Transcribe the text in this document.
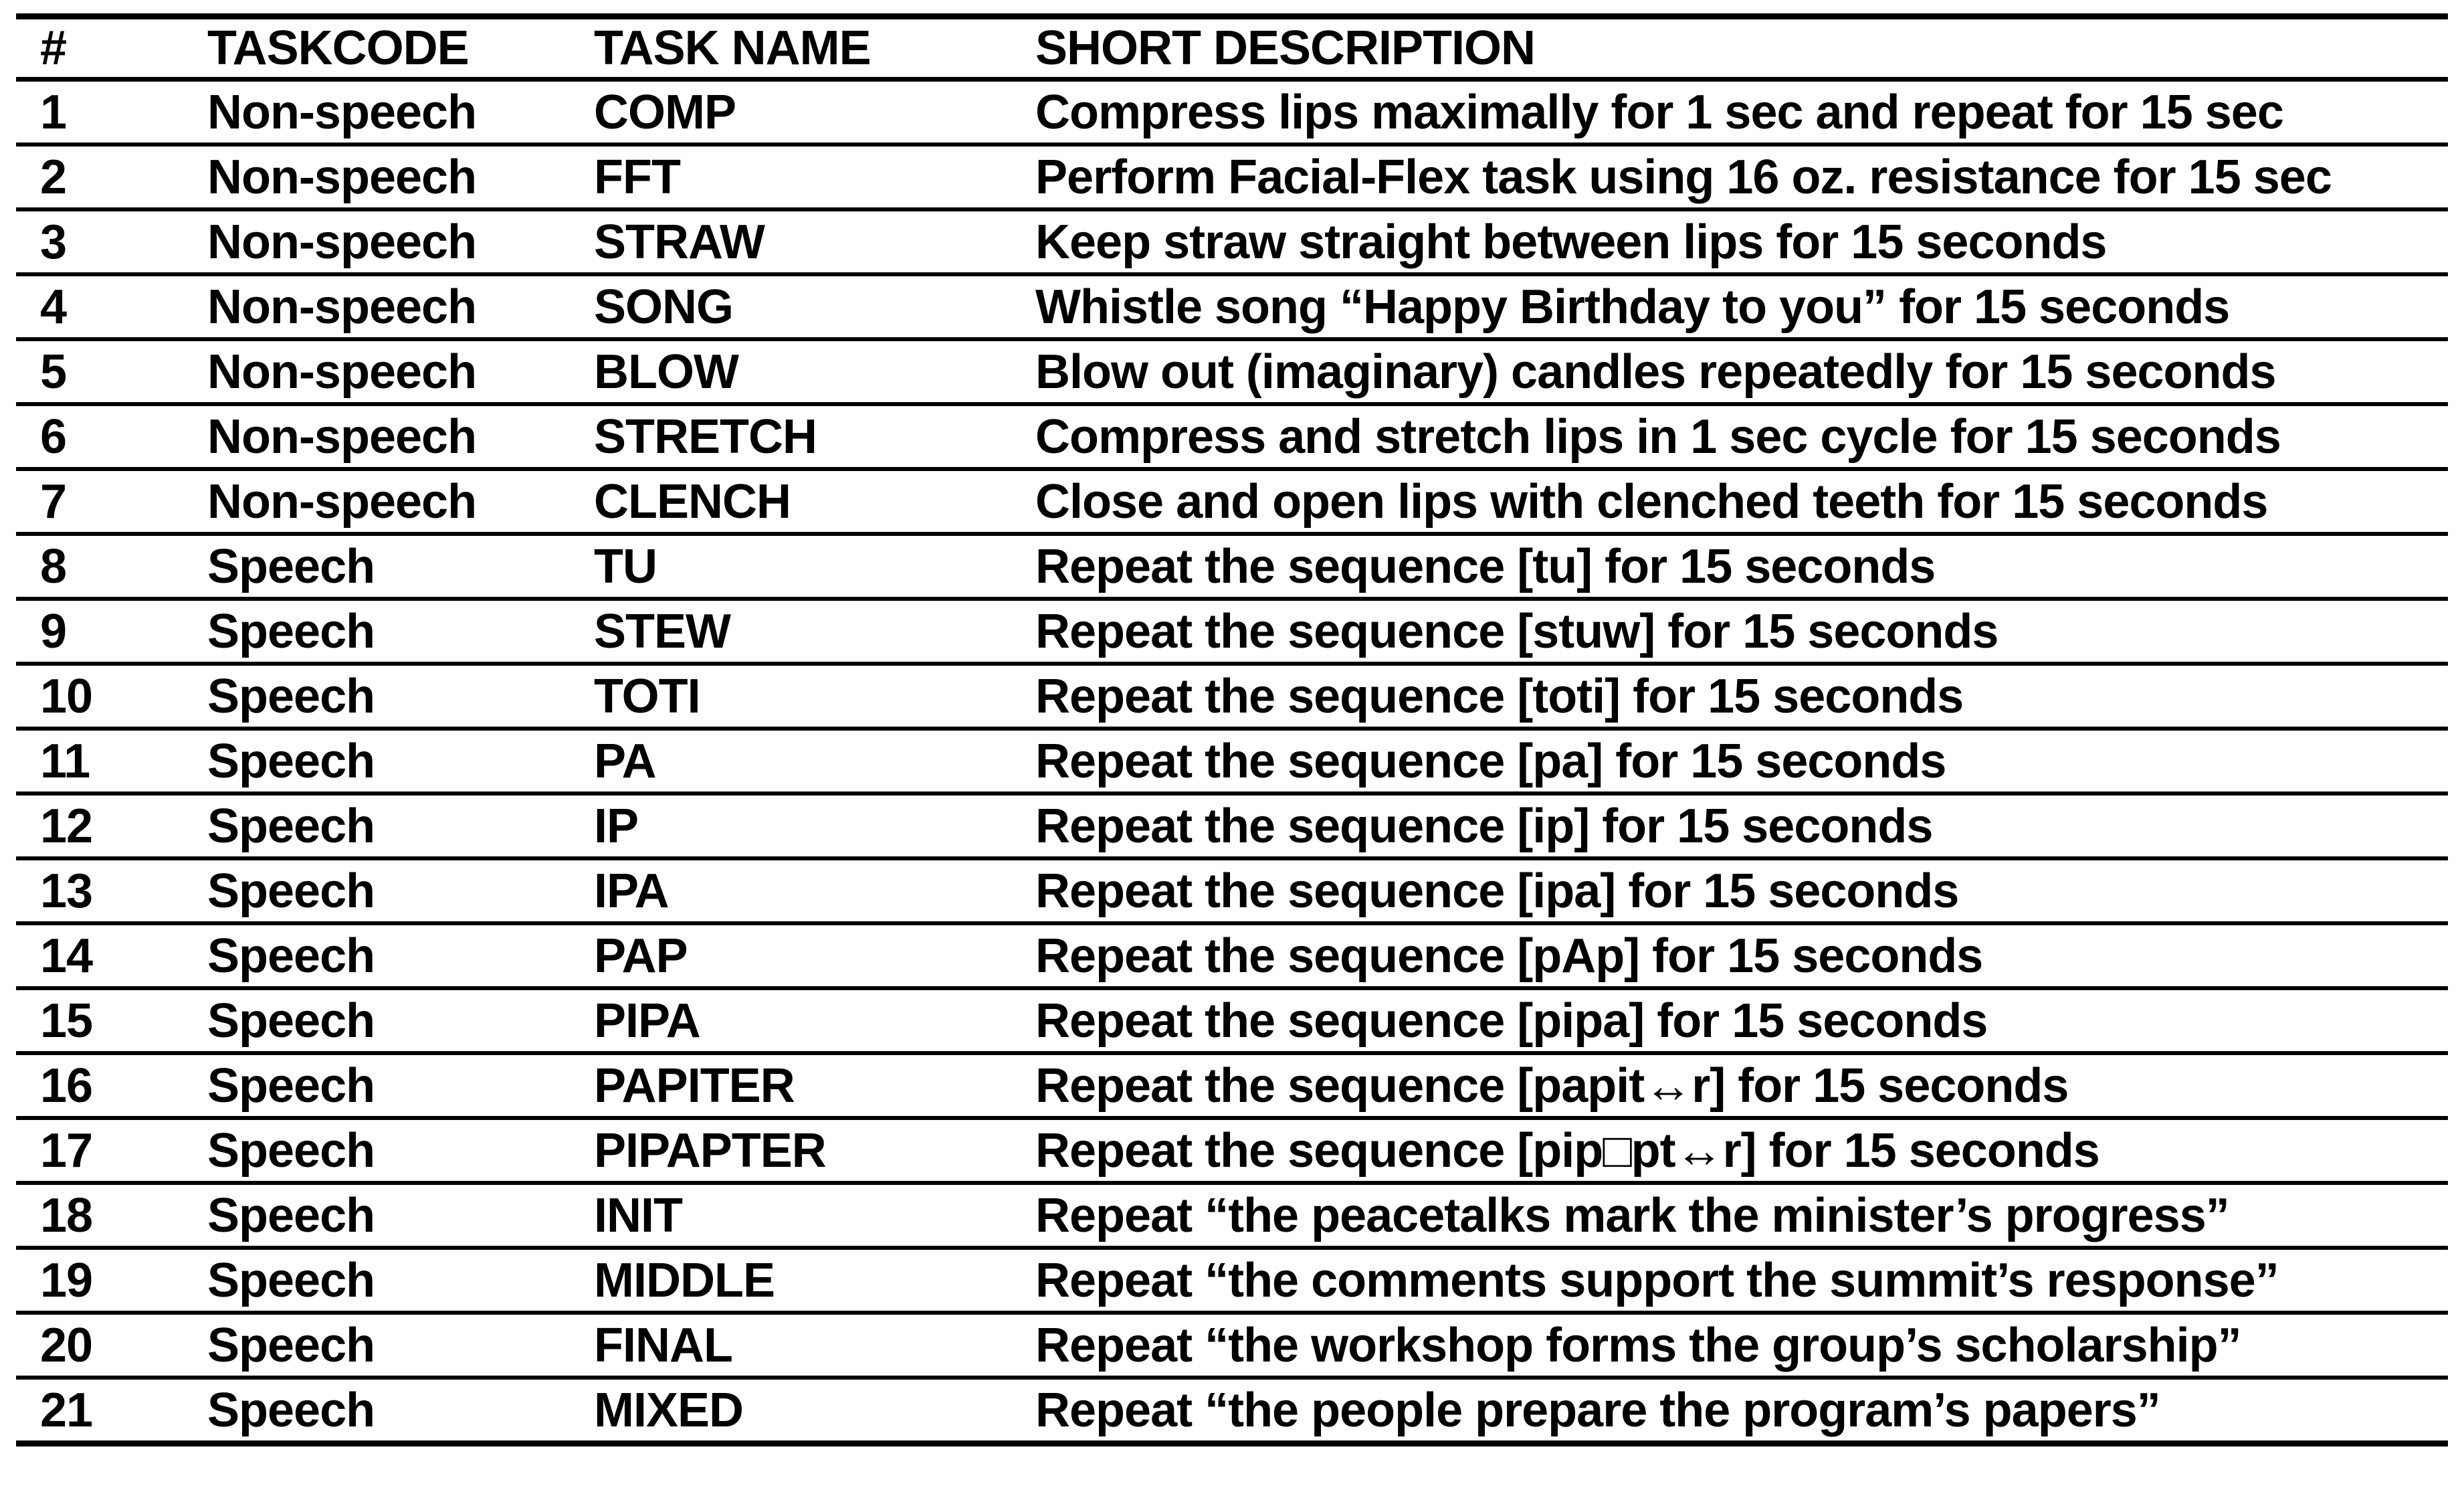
#	TASKCODE	TASK NAME	SHORT DESCRIPTION
1	Non-speech	COMP	Compress lips maximally for 1 sec and repeat for 15 sec
2	Non-speech	FFT	Perform Facial-Flex task using 16 oz. resistance for 15 sec
3	Non-speech	STRAW	Keep straw straight between lips for 15 seconds
4	Non-speech	SONG	Whistle song “Happy Birthday to you” for 15 seconds
5	Non-speech	BLOW	Blow out (imaginary) candles repeatedly for 15 seconds
6	Non-speech	STRETCH	Compress and stretch lips in 1 sec cycle for 15 seconds
7	Non-speech	CLENCH	Close and open lips with clenched teeth for 15 seconds
8	Speech	TU	Repeat the sequence [tu] for 15 seconds
9	Speech	STEW	Repeat the sequence [stuw] for 15 seconds
10	Speech	TOTI	Repeat the sequence [toti] for 15 seconds
11	Speech	PA	Repeat the sequence [pa] for 15 seconds
12	Speech	IP	Repeat the sequence [ip] for 15 seconds
13	Speech	IPA	Repeat the sequence [ipa] for 15 seconds
14	Speech	PAP	Repeat the sequence [pAp] for 15 seconds
15	Speech	PIPA	Repeat the sequence [pipa] for 15 seconds
16	Speech	PAPITER	Repeat the sequence [papit↔r] for 15 seconds
17	Speech	PIPAPTER	Repeat the sequence [pip□pt↔r] for 15 seconds
18	Speech	INIT	Repeat “the peacetalks mark the minister’s progress”
19	Speech	MIDDLE	Repeat “the comments support the summit’s response”
20	Speech	FINAL	Repeat “the workshop forms the group’s scholarship”
21	Speech	MIXED	Repeat “the people prepare the program’s papers”
